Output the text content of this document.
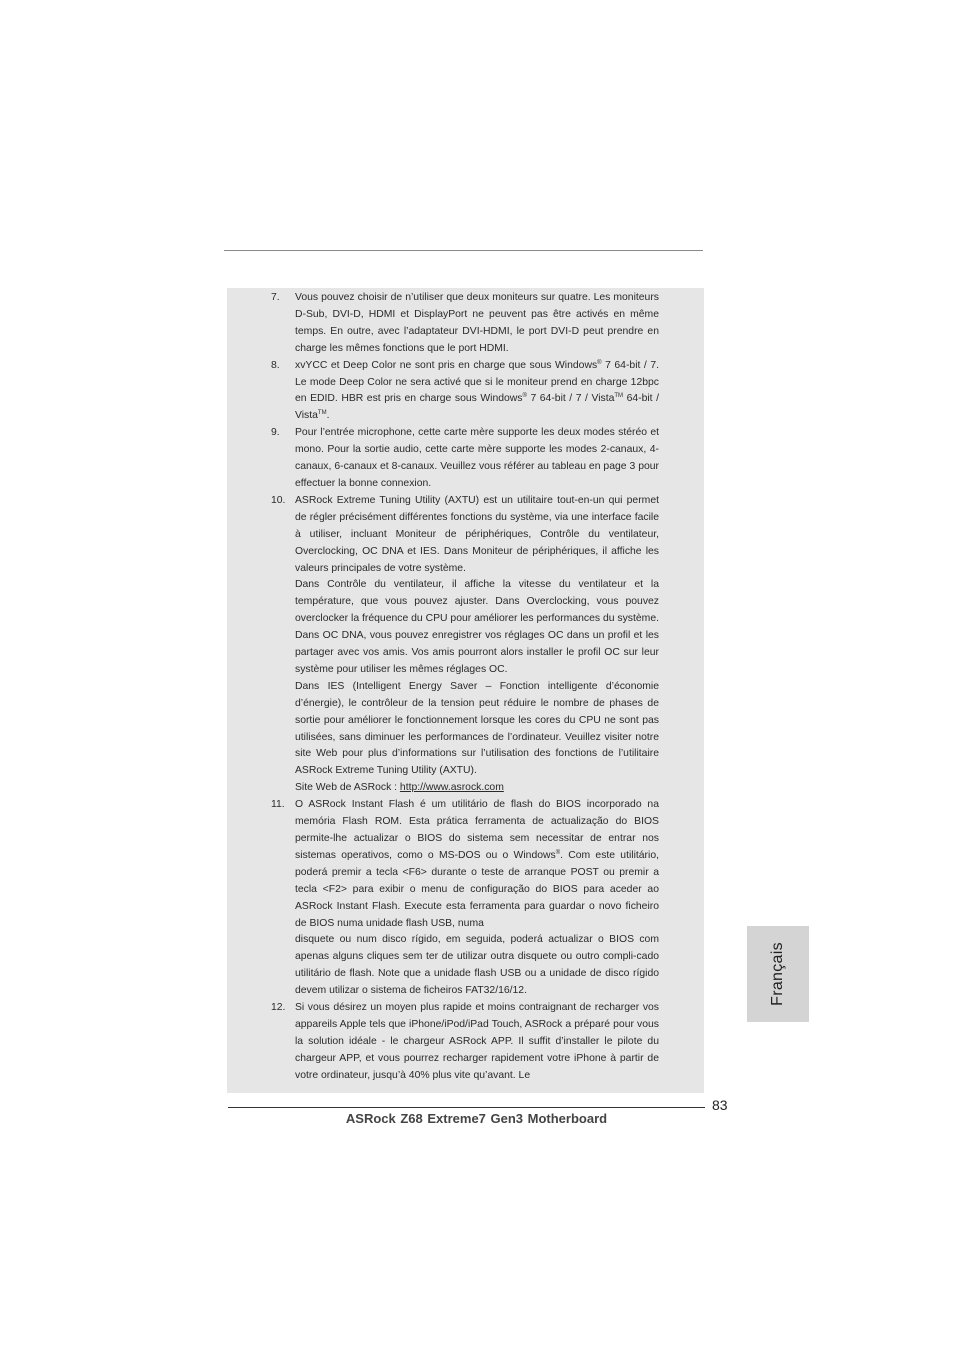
7. Vous pouvez choisir de n’utiliser que deux moniteurs sur quatre. Les moniteurs D-Sub, DVI-D, HDMI et DisplayPort ne peuvent pas être activés en même temps. En outre, avec l’adaptateur DVI-HDMI, le port DVI-D peut prendre en charge les mêmes fonctions que le port HDMI.

8. xvYCC et Deep Color ne sont pris en charge que sous Windows® 7 64-bit / 7. Le mode Deep Color ne sera activé que si le moniteur prend en charge 12bpc en EDID. HBR est pris en charge sous Windows® 7 64-bit / 7 / Vista™ 64-bit / Vista™.

9. Pour l’entrée microphone, cette carte mère supporte les deux modes stéréo et mono. Pour la sortie audio, cette carte mère supporte les modes 2-canaux, 4-canaux, 6-canaux et 8-canaux. Veuillez vous référer au tableau en page 3 pour effectuer la bonne connexion.

10. ASRock Extreme Tuning Utility (AXTU) est un utilitaire tout-en-un qui permet de régler précisément différentes fonctions du système, via une interface facile à utiliser, incluant Moniteur de périphériques, Contrôle du ventilateur, Overclocking, OC DNA et IES. Dans Moniteur de périphériques, il affiche les valeurs principales de votre système.

Dans Contrôle du ventilateur, il affiche la vitesse du ventilateur et la température, que vous pouvez ajuster. Dans Overclocking, vous pouvez overclocker la fréquence du CPU pour améliorer les performances du système. Dans OC DNA, vous pouvez enregistrer vos réglages OC dans un profil et les partager avec vos amis. Vos amis pourront alors installer le profil OC sur leur système pour utiliser les mêmes réglages OC.

Dans IES (Intelligent Energy Saver – Fonction intelligente d’économie d’énergie), le contrôleur de la tension peut réduire le nombre de phases de sortie pour améliorer le fonctionnement lorsque les cores du CPU ne sont pas utilisées, sans diminuer les performances de l’ordinateur. Veuillez visiter notre site Web pour plus d’informations sur l’utilisation des fonctions de l’utilitaire ASRock Extreme Tuning Utility (AXTU).

Site Web de ASRock : http://www.asrock.com

11. O ASRock Instant Flash é um utilitário de flash do BIOS incorporado na memória Flash ROM. Esta prática ferramenta de actualização do BIOS permite-lhe actualizar o BIOS do sistema sem necessitar de entrar nos sistemas operativos, como o MS-DOS ou o Windows®. Com este utilitário, poderá premir a tecla <F6> durante o teste de arranque POST ou premir a tecla <F2> para exibir o menu de configuração do BIOS para aceder ao ASRock Instant Flash. Execute esta ferramenta para guardar o novo ficheiro de BIOS numa unidade flash USB, numa

disquete ou num disco rígido, em seguida, poderá actualizar o BIOS com apenas alguns cliques sem ter de utilizar outra disquete ou outro compli-cado utilitário de flash. Note que a unidade flash USB ou a unidade de disco rígido devem utilizar o sistema de ficheiros FAT32/16/12.

12. Si vous désirez un moyen plus rapide et moins contraignant de recharger vos appareils Apple tels que iPhone/iPod/iPad Touch, ASRock a préparé pour vous la solution idéale - le chargeur ASRock APP. Il suffit d’installer le pilote du chargeur APP, et vous pourrez recharger rapidement votre iPhone à partir de votre ordinateur, jusqu’à 40% plus vite qu’avant. Le

83
ASRock Z68 Extreme7 Gen3 Motherboard
Français
